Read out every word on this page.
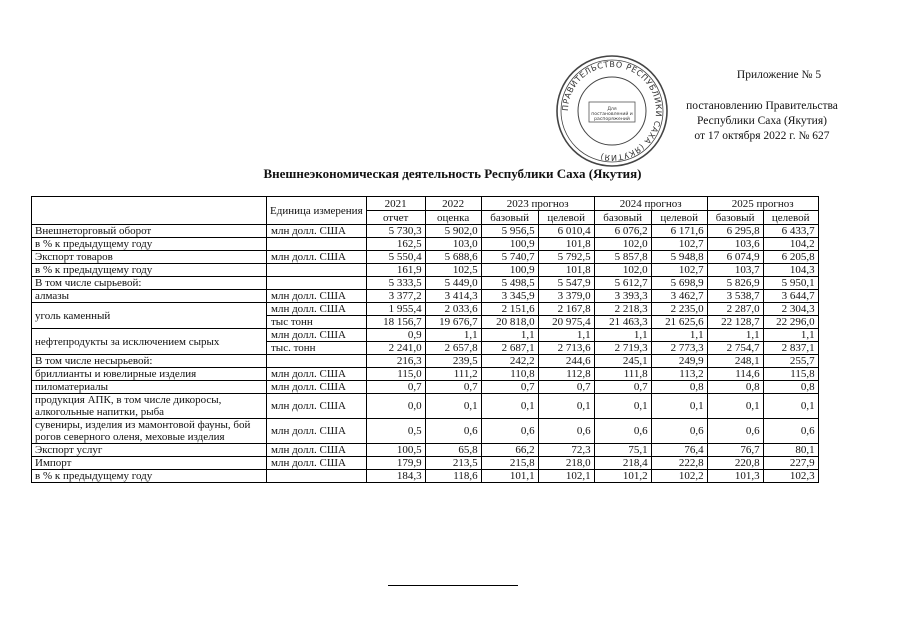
ПРАВИТЕЛЬСТВО РЕСПУБЛИКИ САХА (ЯКУТИЯ)
Для
постановлений и
распоряжений
Приложение № 5
постановлению Правительства
Республики Саха (Якутия)
от 17 октября 2022 г. № 627
Внешнеэкономическая деятельность Республики Саха (Якутия)
	Единица измерения	2021	2022	2023 прогноз		2024 прогноз		2025 прогноз	
		отчет	оценка	базовый	целевой	базовый	целевой	базовый	целевой
Внешнеторговый оборот	млн долл. США	5 730,3	5 902,0	5 956,5	6 010,4	6 076,2	6 171,6	6 295,8	6 433,7
в % к предыдущему году		162,5	103,0	100,9	101,8	102,0	102,7	103,6	104,2
Экспорт товаров	млн долл. США	5 550,4	5 688,6	5 740,7	5 792,5	5 857,8	5 948,8	6 074,9	6 205,8
в % к предыдущему году		161,9	102,5	100,9	101,8	102,0	102,7	103,7	104,3
В том числе сырьевой:		5 333,5	5 449,0	5 498,5	5 547,9	5 612,7	5 698,9	5 826,9	5 950,1
алмазы	млн долл. США	3 377,2	3 414,3	3 345,9	3 379,0	3 393,3	3 462,7	3 538,7	3 644,7
уголь каменный	млн долл. США	1 955,4	2 033,6	2 151,6	2 167,8	2 218,3	2 235,0	2 287,0	2 304,3
	тыс тонн	18 156,7	19 676,7	20 818,0	20 975,4	21 463,3	21 625,6	22 128,7	22 296,0
нефтепродукты за исключением сырых	млн долл. США	0,9	1,1	1,1	1,1	1,1	1,1	1,1	1,1
	тыс. тонн	2 241,0	2 657,8	2 687,1	2 713,6	2 719,3	2 773,3	2 754,7	2 837,1
В том числе несырьевой:		216,3	239,5	242,2	244,6	245,1	249,9	248,1	255,7
бриллианты и ювелирные изделия	млн долл. США	115,0	111,2	110,8	112,8	111,8	113,2	114,6	115,8
пиломатериалы	млн долл. США	0,7	0,7	0,7	0,7	0,7	0,8	0,8	0,8
продукция АПК, в том числе дикоросы, алкогольные напитки, рыба	млн долл. США	0,0	0,1	0,1	0,1	0,1	0,1	0,1	0,1
сувениры, изделия из мамонтовой фауны, бой рогов северного оленя, меховые изделия	млн долл. США	0,5	0,6	0,6	0,6	0,6	0,6	0,6	0,6
Экспорт услуг	млн долл. США	100,5	65,8	66,2	72,3	75,1	76,4	76,7	80,1
Импорт	млн долл. США	179,9	213,5	215,8	218,0	218,4	222,8	220,8	227,9
в % к предыдущему году		184,3	118,6	101,1	102,1	101,2	102,2	101,3	102,3
